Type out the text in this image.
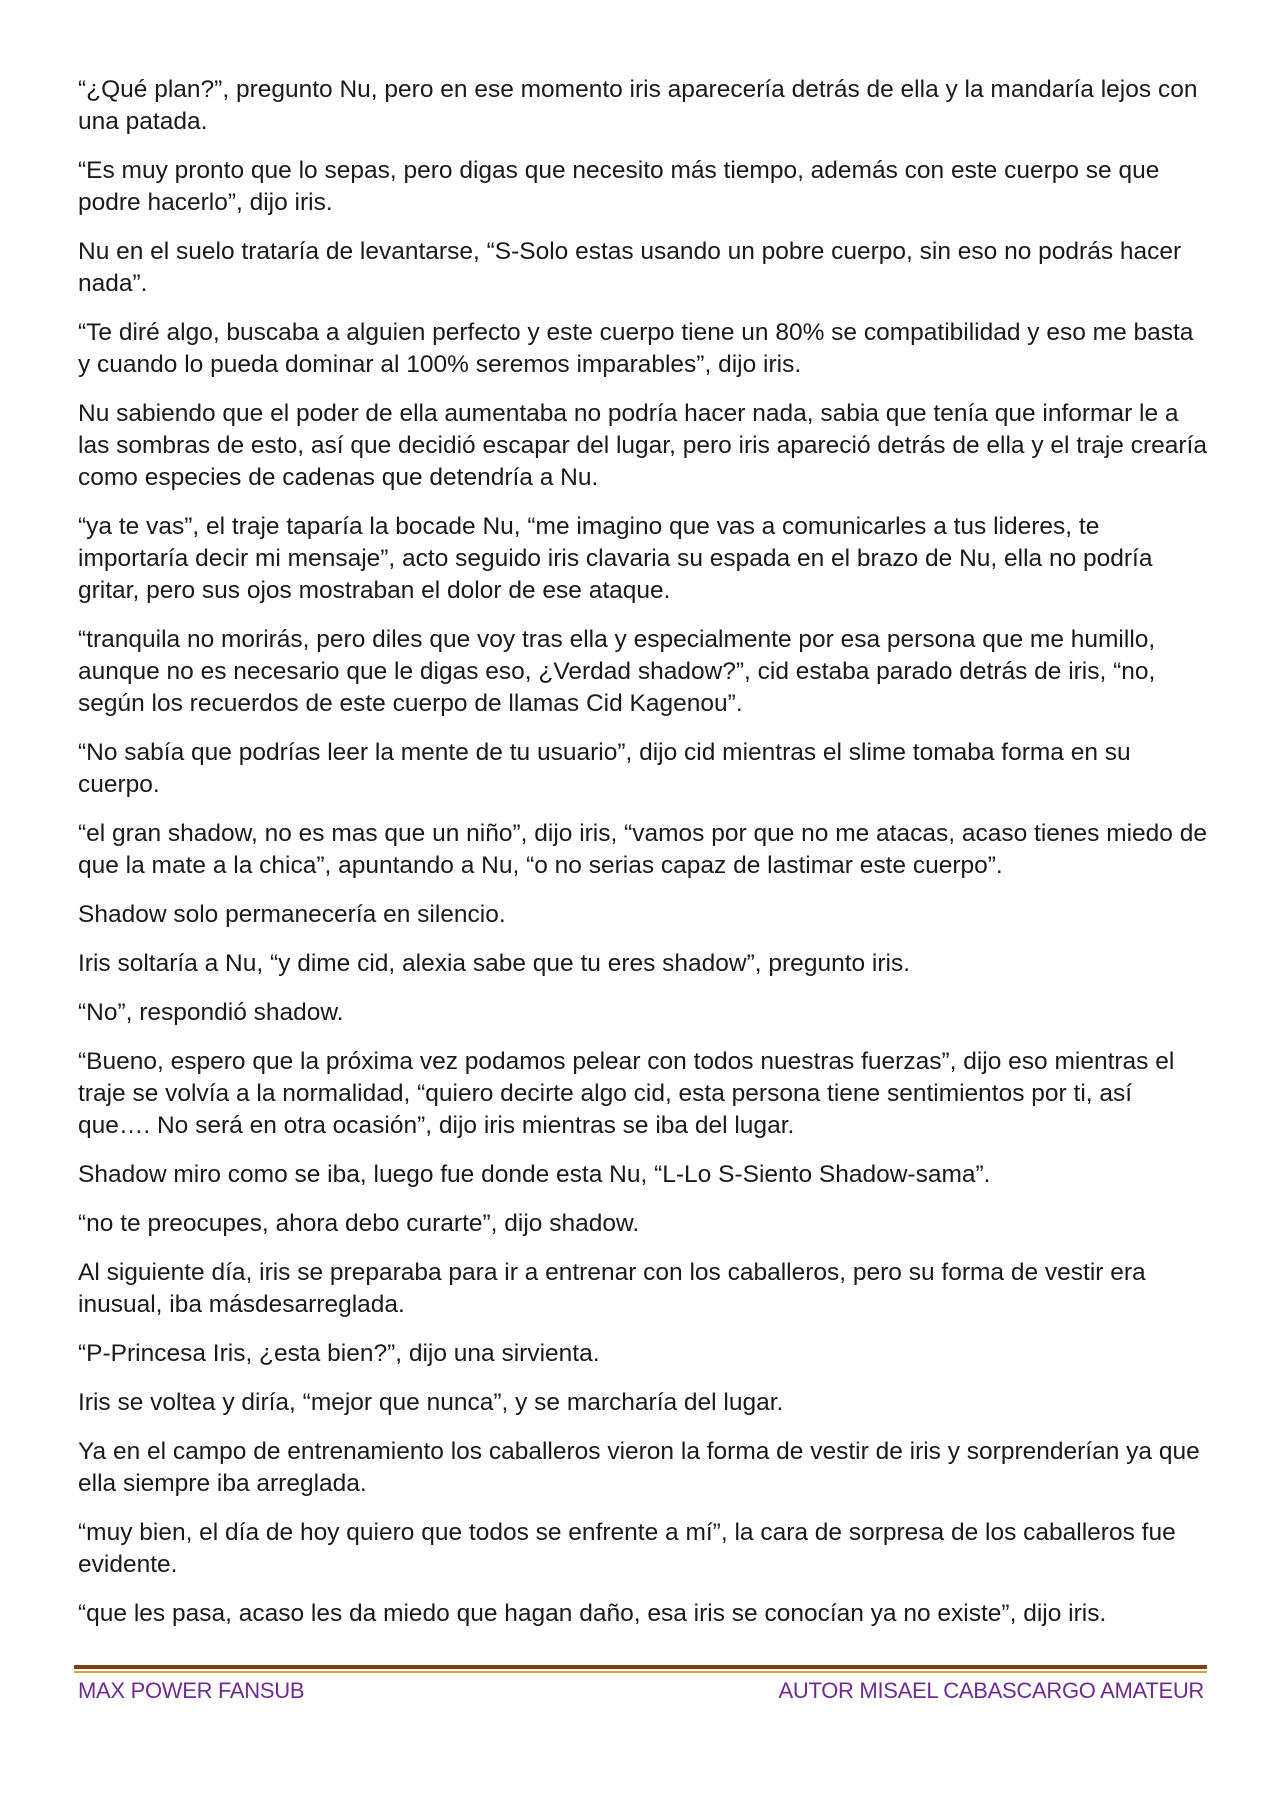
“¿Qué plan?”, pregunto Nu, pero en ese momento iris aparecería detrás de ella y la mandaría lejos con una patada.

“Es muy pronto que lo sepas, pero digas que necesito más tiempo, además con este cuerpo se que podre hacerlo”, dijo iris.

Nu en el suelo trataría de levantarse, “S-Solo estas usando un pobre cuerpo, sin eso no podrás hacer nada”.

“Te diré algo, buscaba a alguien perfecto y este cuerpo tiene un 80% se compatibilidad y eso me basta y cuando lo pueda dominar al 100% seremos imparables”, dijo iris.

Nu sabiendo que el poder de ella aumentaba no podría hacer nada, sabia que tenía que informar le a las sombras de esto, así que decidió escapar del lugar, pero iris apareció detrás de ella y el traje crearía como especies de cadenas que detendría a Nu.

“ya te vas”, el traje taparía la bocade Nu, “me imagino que vas a comunicarles a tus lideres, te importaría decir mi mensaje”, acto seguido iris clavaria su espada en el brazo de Nu, ella no podría gritar, pero sus ojos mostraban el dolor de ese ataque.

“tranquila no morirás, pero diles que voy tras ella y especialmente por esa persona que me humillo, aunque no es necesario que le digas eso, ¿Verdad shadow?”, cid estaba parado detrás de iris, “no, según los recuerdos de este cuerpo de llamas Cid Kagenou”.

“No sabía que podrías leer la mente de tu usuario”, dijo cid mientras el slime tomaba forma en su cuerpo.

“el gran shadow, no es mas que un niño”, dijo iris, “vamos por que no me atacas, acaso tienes miedo de que la mate a la chica”, apuntando a Nu, “o no serias capaz de lastimar este cuerpo”.

Shadow solo permanecería en silencio.

Iris soltaría a Nu, “y dime cid, alexia sabe que tu eres shadow”, pregunto iris.

“No”, respondió shadow.

“Bueno, espero que la próxima vez podamos pelear con todos nuestras fuerzas”, dijo eso mientras el traje se volvía a la normalidad, “quiero decirte algo cid, esta persona tiene sentimientos por ti, así que…. No será en otra ocasión”, dijo iris mientras se iba del lugar.

Shadow miro como se iba, luego fue donde esta Nu, “L-Lo S-Siento Shadow-sama”.

“no te preocupes, ahora debo curarte”, dijo shadow.

Al siguiente día, iris se preparaba para ir a entrenar con los caballeros, pero su forma de vestir era inusual, iba másdesarreglada.

“P-Princesa Iris, ¿esta bien?”, dijo una sirvienta.

Iris se voltea y diría, “mejor que nunca”, y se marcharía del lugar.

Ya en el campo de entrenamiento los caballeros vieron la forma de vestir de iris y sorprenderían ya que ella siempre iba arreglada.

“muy bien, el día de hoy quiero que todos se enfrente a mí”, la cara de sorpresa de los caballeros fue evidente.

“que les pasa, acaso les da miedo que hagan daño, esa iris se conocían ya no existe”, dijo iris.

MAX POWER FANSUB	AUTOR MISAEL CABASCARGO AMATEUR
